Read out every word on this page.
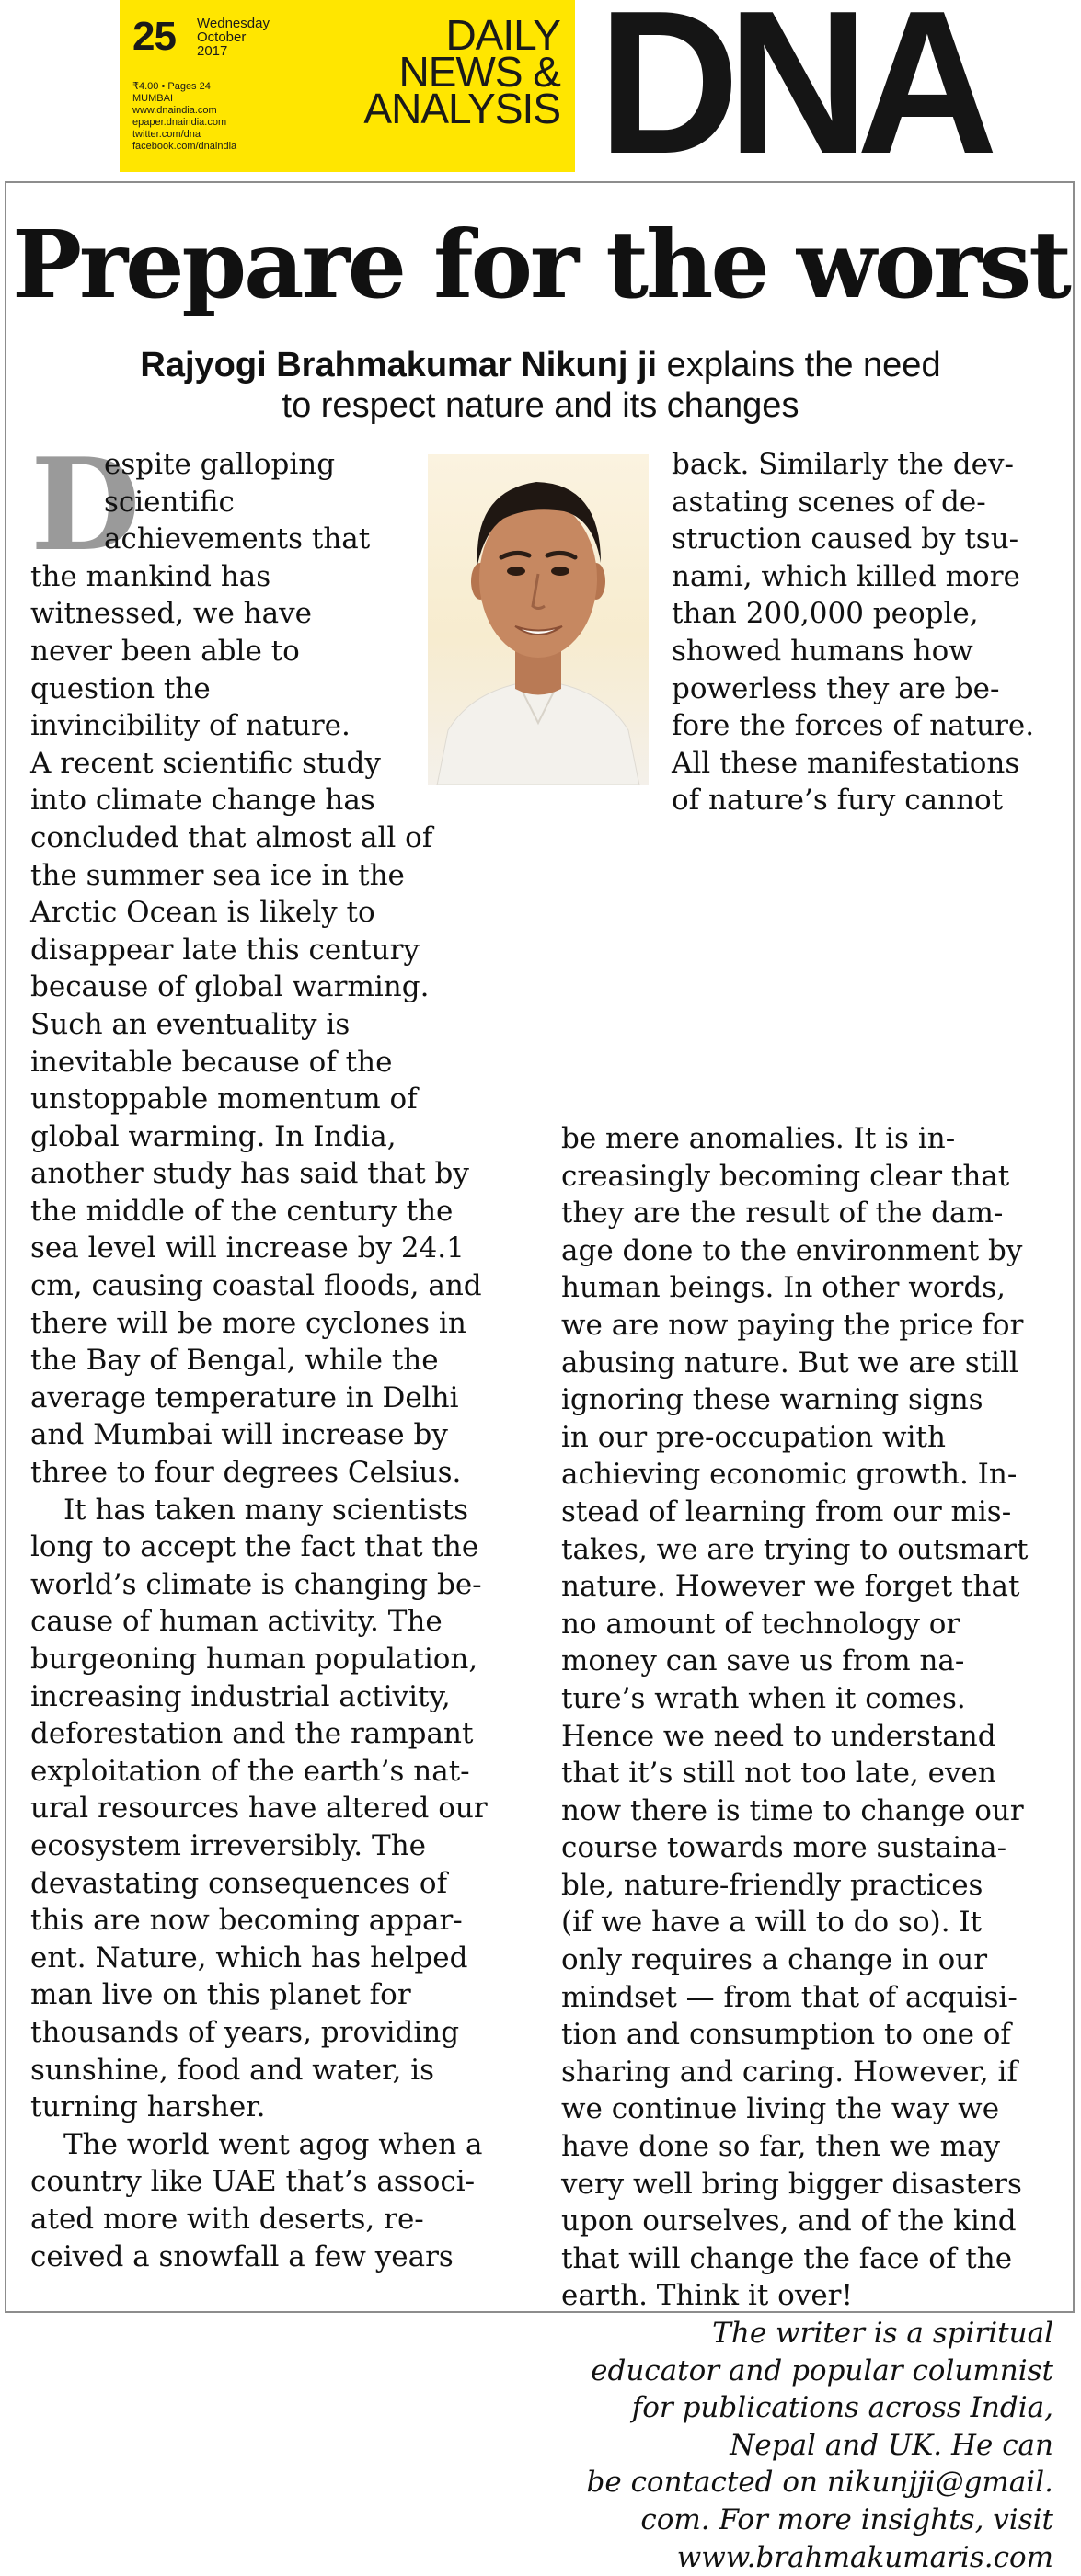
25 Wednesday
October
2017
₹4.00 • Pages 24
MUMBAI
www.dnaindia.com
epaper.dnaindia.com
twitter.com/dna
facebook.com/dnaindia
DAILY
NEWS &
ANALYSIS DNA
Prepare for the worst
Rajyogi Brahmakumar Nikunj ji explains the need
to respect nature and its changes
D
espite galloping
scientific
achievements that
the mankind has
witnessed, we have
never been able to
question the
invincibility of nature.
A recent scientific study
into climate change has
concluded that almost all of
the summer sea ice in the
Arctic Ocean is likely to
disappear late this century
because of global warming.
Such an eventuality is
inevitable because of the
unstoppable momentum of
global warming. In India,
another study has said that by
the middle of the century the
sea level will increase by 24.1
cm, causing coastal floods, and
there will be more cyclones in
the Bay of Bengal, while the
average temperature in Delhi
and Mumbai will increase by
three to four degrees Celsius.
It has taken many scientists
long to accept the fact that the
world’s climate is changing be-
cause of human activity. The
burgeoning human population,
increasing industrial activity,
deforestation and the rampant
exploitation of the earth’s nat-
ural resources have altered our
ecosystem irreversibly. The
devastating consequences of
this are now becoming appar-
ent. Nature, which has helped
man live on this planet for
thousands of years, providing
sunshine, food and water, is
turning harsher.
The world went agog when a
country like UAE that’s associ-
ated more with deserts, re-
ceived a snowfall a few years
back. Similarly the dev-
astating scenes of de-
struction caused by tsu-
nami, which killed more
than 200,000 people,
showed humans how
powerless they are be-
fore the forces of nature.
All these manifestations
of nature’s fury cannot
be mere anomalies. It is in-
creasingly becoming clear that
they are the result of the dam-
age done to the environment by
human beings. In other words,
we are now paying the price for
abusing nature. But we are still
ignoring these warning signs
in our pre-occupation with
achieving economic growth. In-
stead of learning from our mis-
takes, we are trying to outsmart
nature. However we forget that
no amount of technology or
money can save us from na-
ture’s wrath when it comes.
Hence we need to understand
that it’s still not too late, even
now there is time to change our
course towards more sustaina-
ble, nature-friendly practices
(if we have a will to do so). It
only requires a change in our
mindset — from that of acquisi-
tion and consumption to one of
sharing and caring. However, if
we continue living the way we
have done so far, then we may
very well bring bigger disasters
upon ourselves, and of the kind
that will change the face of the
earth. Think it over!
The writer is a spiritual
educator and popular columnist
for publications across India,
Nepal and UK. He can
be contacted on nikunjji@gmail.
com. For more insights, visit
www.brahmakumaris.com
